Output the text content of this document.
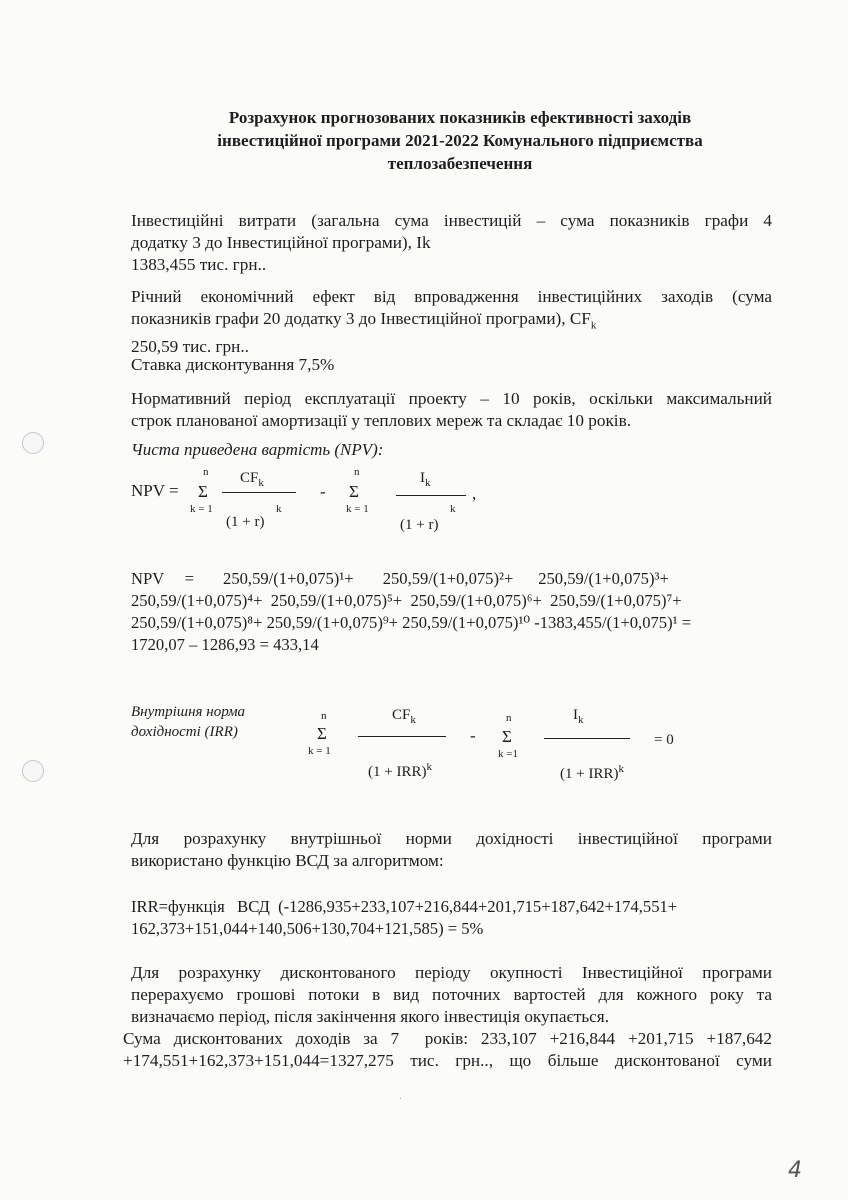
Розрахунок прогнозованих показників ефективності заходів
інвестиційної програми 2021-2022 Комунального підприємства
теплозабезпечення
Інвестиційні витрати (загальна сума інвестицій – сума показників графи 4
додатку 3 до Інвестиційної програми), Ik
1383,455 тис. грн..
Річний економічний ефект від впровадження інвестиційних заходів (сума
показників графи 20 додатку 3 до Інвестиційної програми), $CF_k$
250,59 тис. грн..
Ставка дисконтування 7,5%
Нормативний період експлуатації проекту – 10 років, оскільки максимальний
строк планованої амортизації у теплових мереж та складає 10 років.
Чиста приведена вартість (NPV):
NPV =
n
Σ
k = 1
$CF_k$
k
(1 + r)
-
n
Σ
k = 1
$I_k$
k
(1 + r)
,
NPV     =       250,59/(1+0,075)¹+       250,59/(1+0,075)²+      250,59/(1+0,075)³+
250,59/(1+0,075)⁴+  250,59/(1+0,075)⁵+  250,59/(1+0,075)⁶+  250,59/(1+0,075)⁷+
250,59/(1+0,075)⁸+ 250,59/(1+0,075)⁹+ 250,59/(1+0,075)¹⁰ -1383,455/(1+0,075)¹ =
1720,07 – 1286,93 = 433,14
Внутрішня норма
дохідності (IRR)
n
Σ
k = 1
$CF_k$
(1 + IRR)$^k$
-
n
Σ
k =1
$I_k$
(1 + IRR)$^k$
= 0
Для розрахунку внутрішньої норми дохідності інвестиційної програми
використано функцію ВСД за алгоритмом:
IRR=функція   ВСД  (-1286,935+233,107+216,844+201,715+187,642+174,551+
162,373+151,044+140,506+130,704+121,585) = 5%
Для розрахунку дисконтованого періоду окупності Інвестиційної програми
перерахуємо грошові потоки в вид поточних вартостей для кожного року та
визначаємо період, після закінчення якого інвестиція окупається.
Сума дисконтованих доходів за 7  років: 233,107 +216,844 +201,715 +187,642
+174,551+162,373+151,044=1327,275 тис. грн.., що більше дисконтованої суми
4
